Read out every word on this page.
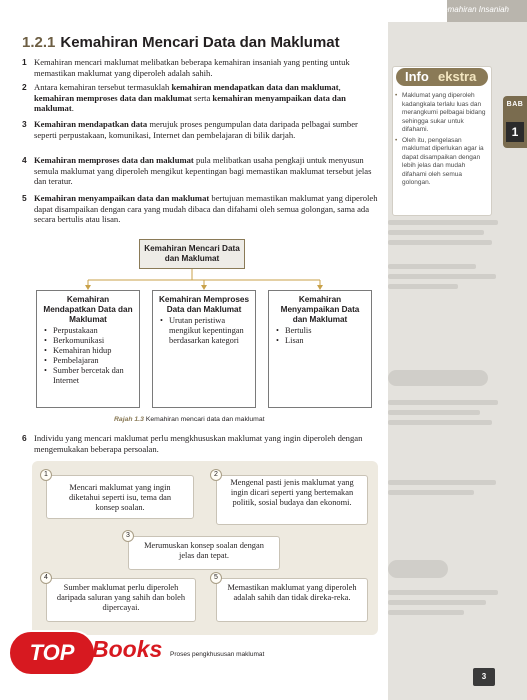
Kemahiran Insaniah
BAB
1
Info ekstra
• Maklumat yang diperoleh kadangkala terlalu luas dan merangkumi pelbagai bidang sehingga sukar untuk difahami.
• Oleh itu, pengelasan maklumat diperlukan agar ia dapat disampaikan dengan lebih jelas dan mudah difahami oleh semua golongan.
1.2.1 Kemahiran Mencari Data dan Maklumat
1 Kemahiran mencari maklumat melibatkan beberapa kemahiran insaniah yang penting untuk memastikan maklumat yang diperoleh adalah sahih.
2 Antara kemahiran tersebut termasuklah kemahiran mendapatkan data dan maklumat, kemahiran memproses data dan maklumat serta kemahiran menyampaikan data dan maklumat.
3 Kemahiran mendapatkan data merujuk proses pengumpulan data daripada pelbagai sumber seperti perpustakaan, komunikasi, Internet dan pembelajaran di bilik darjah.
4 Kemahiran memproses data dan maklumat pula melibatkan usaha pengkaji untuk menyusun semula maklumat yang diperoleh mengikut kepentingan bagi memastikan maklumat tersebut jelas dan teratur.
5 Kemahiran menyampaikan data dan maklumat bertujuan memastikan maklumat yang diperoleh dapat disampaikan dengan cara yang mudah dibaca dan difahami oleh semua golongan, sama ada secara bertulis atau lisan.
Kemahiran Mencari Data dan Maklumat
Kemahiran Mendapatkan Data dan Maklumat
• Perpustakaan
• Berkomunikasi
• Kemahiran hidup
• Pembelajaran
• Sumber bercetak dan Internet
Kemahiran Memproses Data dan Maklumat
• Urutan peristiwa mengikut kepentingan berdasarkan kategori
Kemahiran Menyampaikan Data dan Maklumat
• Bertulis
• Lisan
Rajah 1.3 Kemahiran mencari data dan maklumat
6 Individu yang mencari maklumat perlu mengkhususkan maklumat yang ingin diperoleh dengan mengemukakan beberapa persoalan.
Mencari maklumat yang ingin diketahui seperti isu, tema dan konsep soalan.
1
Mengenal pasti jenis maklumat yang ingin dicari seperti yang bertemakan politik, sosial budaya dan ekonomi.
2
Merumuskan konsep soalan dengan jelas dan tepat.
3
Sumber maklumat perlu diperoleh daripada saluran yang sahih dan boleh dipercayai.
4
Memastikan maklumat yang diperoleh adalah sahih dan tidak direka-reka.
5
Proses pengkhususan maklumat
TOP Books
3
